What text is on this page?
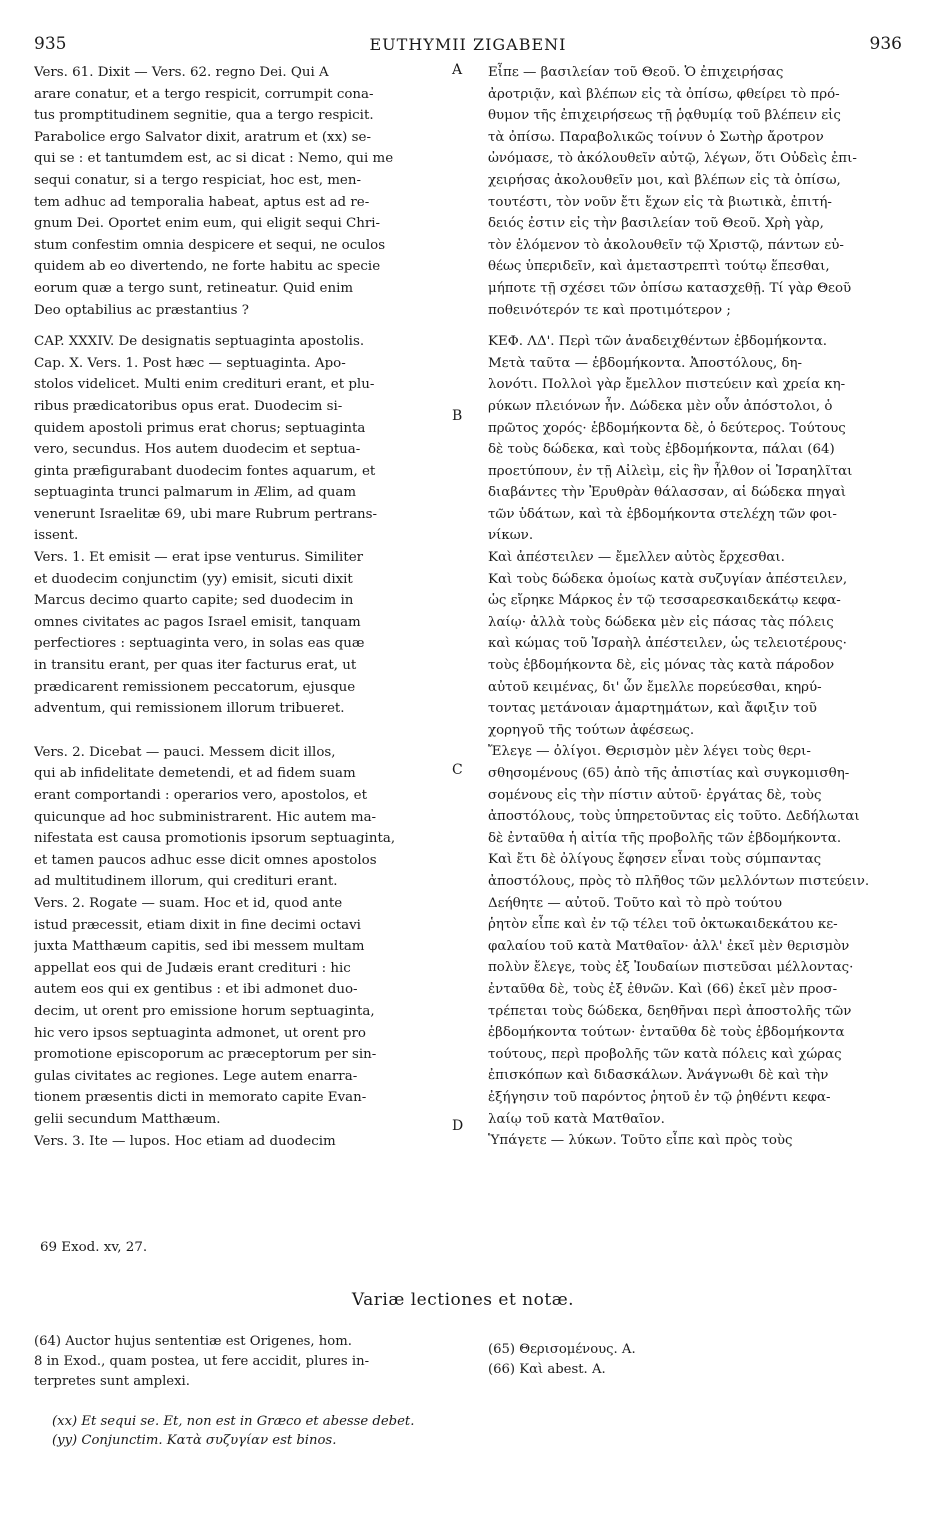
935	EUTHYMII ZIGABENI	936

Vers. 61. Dixit — Vers. 62. regno Dei. Qui A
arare conatur, et a tergo respicit, corrumpit cona-
tus promptitudinem segnitie, qua a tergo respicit.
Parabolice ergo Salvator dixit, aratrum et (xx) se-
qui se : et tantumdem est, ac si dicat : Nemo, qui me
sequi conatur, si a tergo respiciat, hoc est, men-
tem adhuc ad temporalia habeat, aptus est ad re-
gnum Dei. Oportet enim eum, qui eligit sequi Chri-
stum confestim omnia despicere et sequi, ne oculos
quidem ab eo divertendo, ne forte habitu ac specie
eorum quæ a tergo sunt, retineatur. Quid enim
Deo optabilius ac præstantius ?

CAP. XXXIV. De designatis septuaginta apostolis.
Cap. X. Vers. 1. Post hæc — septuaginta. Apo-
stolos videlicet. Multi enim credituri erant, et plu-
ribus prædicatoribus opus erat. Duodecim si-
quidem apostoli primus erat chorus; septuaginta
vero, secundus. Hos autem duodecim et septua-
ginta præfigurabant duodecim fontes aquarum, et
septuaginta trunci palmarum in Ælim, ad quam
venerunt Israelitæ 69, ubi mare Rubrum pertrans-
issent.

Vers. 1. Et emisit — erat ipse venturus. Similiter
et duodecim conjunctim (yy) emisit, sicuti dixit
Marcus decimo quarto capite; sed duodecim in
omnes civitates ac pagos Israel emisit, tanquam
perfectiores : septuaginta vero, in solas eas quæ
in transitu erant, per quas iter facturus erat, ut
prædicarent remissionem peccatorum, ejusque
adventum, qui remissionem illorum tribueret.

Vers. 2. Dicebat — pauci. Messem dicit illos,
qui ab infidelitate demetendi, et ad fidem suam
erant comportandi : operarios vero, apostolos, et
quicunque ad hoc subministrarent. Hic autem ma-
nifestata est causa promotionis ipsorum septuaginta,
et tamen paucos adhuc esse dicit omnes apostolos
ad multitudinem illorum, qui credituri erant.

Vers. 2. Rogate — suam. Hoc et id, quod ante
istud præcessit, etiam dixit in fine decimi octavi
juxta Matthæum capitis, sed ibi messem multam
appellat eos qui de Judæis erant credituri : hic
autem eos qui ex gentibus : et ibi admonet duo-
decim, ut orent pro emissione horum septuaginta,
hic vero ipsos septuaginta admonet, ut orent pro
promotione episcoporum ac præceptorum per sin-
gulas civitates ac regiones. Lege autem enarra-
tionem præsentis dicti in memorato capite Evan-
gelii secundum Matthæum.
Vers. 3. Ite — lupos. Hoc etiam ad duodecim

A
B
C
D

Εἶπε — βασιλείαν τοῦ Θεοῦ. Ὁ ἐπιχειρήσας
ἀροτριᾷν, καὶ βλέπων εἰς τὰ ὀπίσω, φθείρει τὸ πρό-
θυμον τῆς ἐπιχειρήσεως τῇ ῥᾳθυμίᾳ τοῦ βλέπειν εἰς
τὰ ὀπίσω. Παραβολικῶς τοίνυν ὁ Σωτὴρ ἄροτρον
ὠνόμασε, τὸ ἀκόλουθεῖν αὐτῷ, λέγων, ὅτι Οὐδεὶς ἐπι-
χειρήσας ἀκολουθεῖν μοι, καὶ βλέπων εἰς τὰ ὀπίσω,
τουτέστι, τὸν νοῦν ἔτι ἔχων εἰς τὰ βιωτικὰ, ἐπιτή-
δειός ἐστιν εἰς τὴν βασιλείαν τοῦ Θεοῦ. Χρὴ γὰρ,
τὸν ἑλόμενον τὸ ἀκολουθεῖν τῷ Χριστῷ, πάντων εὐ-
θέως ὑπεριδεῖν, καὶ ἀμεταστρεπτὶ τούτῳ ἕπεσθαι,
μήποτε τῇ σχέσει τῶν ὀπίσω κατασχεθῇ. Τί γὰρ Θεοῦ
ποθεινότερόν τε καὶ προτιμότερον ;

ΚΕΦ. ΛΔ'. Περὶ τῶν ἀναδειχθέντων ἑβδομήκοντα.
Μετὰ ταῦτα — ἑβδομήκοντα. Ἀποστόλους, δη-
λονότι. Πολλοὶ γὰρ ἔμελλον πιστεύειν καὶ χρεία κη-
ρύκων πλειόνων ἦν. Δώδεκα μὲν οὖν ἀπόστολοι, ὁ
πρῶτος χορός· ἑβδομήκοντα δὲ, ὁ δεύτερος. Τούτους
δὲ τοὺς δώδεκα, καὶ τοὺς ἑβδομήκοντα, πάλαι (64)
προετύπουν, ἐν τῇ Αἰλεὶμ, εἰς ἣν ἦλθον οἱ Ἰσραηλῖται
διαβάντες τὴν Ἐρυθρὰν θάλασσαν, αἱ δώδεκα πηγαὶ
τῶν ὑδάτων, καὶ τὰ ἑβδομήκοντα στελέχη τῶν φοι-
νίκων.

Καὶ ἀπέστειλεν — ἔμελλεν αὐτὸς ἔρχεσθαι.
Καὶ τοὺς δώδεκα ὁμοίως κατὰ συζυγίαν ἀπέστειλεν,
ὡς εἴρηκε Μάρκος ἐν τῷ τεσσαρεσκαιδεκάτῳ κεφα-
λαίῳ· ἀλλὰ τοὺς δώδεκα μὲν εἰς πάσας τὰς πόλεις
καὶ κώμας τοῦ Ἰσραὴλ ἀπέστειλεν, ὡς τελειοτέρους·
τοὺς ἑβδομήκοντα δὲ, εἰς μόνας τὰς κατὰ πάροδον
αὐτοῦ κειμένας, δι' ὧν ἔμελλε πορεύεσθαι, κηρύ-
τοντας μετάνοιαν ἁμαρτημάτων, καὶ ἄφιξιν τοῦ
χορηγοῦ τῆς τούτων ἀφέσεως.

Ἔλεγε — ὀλίγοι. Θερισμὸν μὲν λέγει τοὺς θερι-
σθησομένους (65) ἀπὸ τῆς ἀπιστίας καὶ συγκομισθη-
σομένους εἰς τὴν πίστιν αὐτοῦ· ἐργάτας δὲ, τοὺς
ἀποστόλους, τοὺς ὑπηρετοῦντας εἰς τοῦτο. Δεδήλωται
δὲ ἐνταῦθα ἡ αἰτία τῆς προβολῆς τῶν ἑβδομήκοντα.
Καὶ ἔτι δὲ ὀλίγους ἔφησεν εἶναι τοὺς σύμπαντας
ἀποστόλους, πρὸς τὸ πλῆθος τῶν μελλόντων πιστεύειν.

Δεήθητε — αὐτοῦ. Τοῦτο καὶ τὸ πρὸ τούτου
ῥητὸν εἶπε καὶ ἐν τῷ τέλει τοῦ ὀκτωκαιδεκάτου κε-
φαλαίου τοῦ κατὰ Ματθαῖον· ἀλλ' ἐκεῖ μὲν θερισμὸν
πολὺν ἔλεγε, τοὺς ἐξ Ἰουδαίων πιστεῦσαι μέλλοντας·
ἐνταῦθα δὲ, τοὺς ἐξ ἐθνῶν. Καὶ (66) ἐκεῖ μὲν προσ-
τρέπεται τοὺς δώδεκα, δεηθῆναι περὶ ἀποστολῆς τῶν
ἑβδομήκοντα τούτων· ἐνταῦθα δὲ τοὺς ἑβδομήκοντα
τούτους, περὶ προβολῆς τῶν κατὰ πόλεις καὶ χώρας
ἐπισκόπων καὶ διδασκάλων. Ἀνάγνωθι δὲ καὶ τὴν
ἐξήγησιν τοῦ παρόντος ῥητοῦ ἐν τῷ ῥηθέντι κεφα-
λαίῳ τοῦ κατὰ Ματθαῖον.
Ὑπάγετε — λύκων. Τοῦτο εἶπε καὶ πρὸς τοὺς

69 Exod. xv, 27.
Variæ lectiones et notæ.
(64) Auctor hujus sententiæ est Origenes, hom.
8 in Exod., quam postea, ut fere accidit, plures in-
terpretes sunt amplexi.
(65) Θερισομένους. A.
(66) Καὶ abest. A.
(xx) Et sequi se. Et, non est in Græco et abesse debet.
(yy) Conjunctim. Κατὰ συζυγίαν est binos.
